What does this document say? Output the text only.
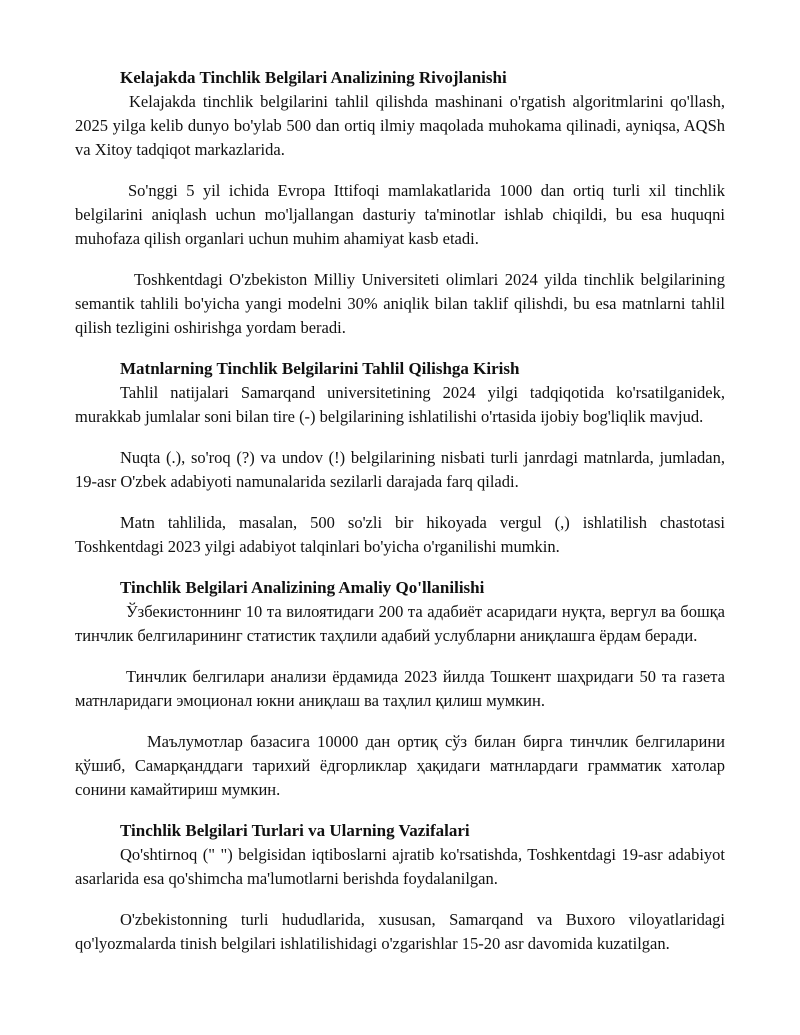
Kelajakda Tinchlik Belgilari Analizining Rivojlanishi

Kelajakda tinchlik belgilarini tahlil qilishda mashinani o'rgatish algoritmlarini qo'llash, 2025 yilga kelib dunyo bo'ylab 500 dan ortiq ilmiy maqolada muhokama qilinadi, ayniqsa, AQSh va Xitoy tadqiqot markazlarida.

So'nggi 5 yil ichida Evropa Ittifoqi mamlakatlarida 1000 dan ortiq turli xil tinchlik belgilarini aniqlash uchun mo'ljallangan dasturiy ta'minotlar ishlab chiqildi, bu esa huquqni muhofaza qilish organlari uchun muhim ahamiyat kasb etadi.

Toshkentdagi O'zbekiston Milliy Universiteti olimlari 2024 yilda tinchlik belgilarining semantik tahlili bo'yicha yangi modelni 30% aniqlik bilan taklif qilishdi, bu esa matnlarni tahlil qilish tezligini oshirishga yordam beradi.

Matnlarning Tinchlik Belgilarini Tahlil Qilishga Kirish

Tahlil natijalari Samarqand universitetining 2024 yilgi tadqiqotida ko'rsatilganidek, murakkab jumlalar soni bilan tire (-) belgilarining ishlatilishi o'rtasida ijobiy bog'liqlik mavjud.

Nuqta (.), so'roq (?) va undov (!) belgilarining nisbati turli janrdagi matnlarda, jumladan, 19-asr O'zbek adabiyoti namunalarida sezilarli darajada farq qiladi.

Matn tahlilida, masalan, 500 so'zli bir hikoyada vergul (,) ishlatilish chastotasi Toshkentdagi 2023 yilgi adabiyot talqinlari bo'yicha o'rganilishi mumkin.

Tinchlik Belgilari Analizining Amaliy Qo'llanilishi

Ўзбекистоннинг 10 та вилоятидаги 200 та адабиёт асаридаги нуқта, вергул ва бошқа тинчлик белгиларининг статистик таҳлили адабий услубларни аниқлашга ёрдам беради.

Тинчлик белгилари анализи ёрдамида 2023 йилда Тошкент шаҳридаги 50 та газета матнларидаги эмоционал юкни аниқлаш ва таҳлил қилиш мумкин.

Маълумотлар базасига 10000 дан ортиқ сўз билан бирга тинчлик белгиларини қўшиб, Самарқанддаги тарихий ёдгорликлар ҳақидаги матнлардаги грамматик хатолар сонини камайтириш мумкин.

Tinchlik Belgilari Turlari va Ularning Vazifalari

Qo'shtirnoq (" ") belgisidan iqtiboslarni ajratib ko'rsatishda, Toshkentdagi 19-asr adabiyot asarlarida esa qo'shimcha ma'lumotlarni berishda foydalanilgan.

O'zbekistonning turli hududlarida, xususan, Samarqand va Buxoro viloyatlaridagi qo'lyozmalarda tinish belgilari ishlatilishidagi o'zgarishlar 15-20 asr davomida kuzatilgan.
